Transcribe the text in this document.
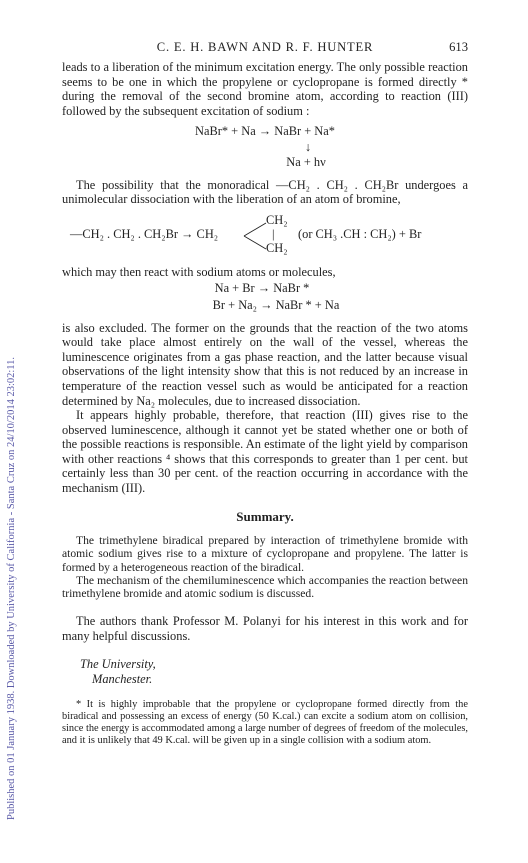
Published on 01 January 1938. Downloaded by University of California - Santa Cruz on 24/10/2014 23:02:11.
C. E. H. BAWN AND R. F. HUNTER	613

leads to a liberation of the minimum excitation energy. The only possible reaction seems to be one in which the propylene or cyclopropane is formed directly * during the removal of the second bromine atom, according to reaction (III) followed by the subsequent excitation of sodium :

NaBr* + Na → NaBr + Na*
↓
Na + hν

The possibility that the monoradical —CH₂ . CH₂ . CH₂Br undergoes a unimolecular dissociation with the liberation of an atom of bromine,

—CH₂ . CH₂ . CH₂Br → CH₂
CH₂
|
CH₂
(or CH₃ .CH : CH₂) + Br

which may then react with sodium atoms or molecules,

Na + Br → NaBr *
Br + Na₂ → NaBr * + Na

is also excluded. The former on the grounds that the reaction of the two atoms would take place almost entirely on the wall of the vessel, whereas the luminescence originates from a gas phase reaction, and the latter because visual observations of the light intensity show that this is not reduced by an increase in temperature of the reaction vessel such as would be anticipated for a reaction determined by Na₂ molecules, due to increased dissociation.

It appears highly probable, therefore, that reaction (III) gives rise to the observed luminescence, although it cannot yet be stated whether one or both of the possible reactions is responsible. An estimate of the light yield by comparison with other reactions ⁴ shows that this corresponds to greater than 1 per cent. but certainly less than 30 per cent. of the reaction occurring in accordance with the mechanism (III).

Summary.

The trimethylene biradical prepared by interaction of trimethylene bromide with atomic sodium gives rise to a mixture of cyclopropane and propylene. The latter is formed by a heterogeneous reaction of the biradical.

The mechanism of the chemiluminescence which accompanies the reaction between trimethylene bromide and atomic sodium is discussed.

The authors thank Professor M. Polanyi for his interest in this work and for many helpful discussions.

The University,
Manchester.

* It is highly improbable that the propylene or cyclopropane formed directly from the biradical and possessing an excess of energy (50 K.cal.) can excite a sodium atom on collision, since the energy is accommodated among a large number of degrees of freedom of the molecules, and it is unlikely that 49 K.cal. will be given up in a single collision with a sodium atom.
